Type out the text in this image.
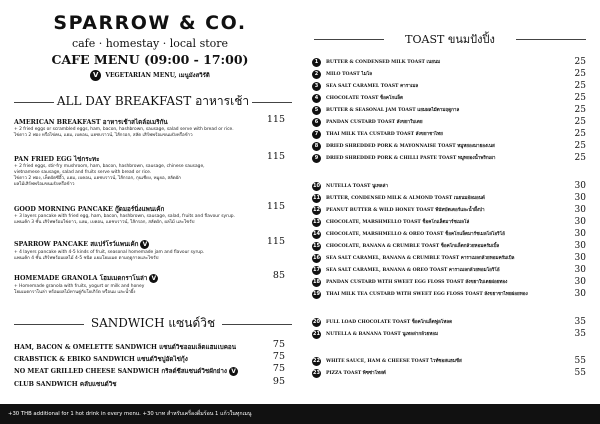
SPARROW & CO.
cafe · homestay · local store
CAFE MENU (09:00 - 17:00)
V VEGETARIAN MENU, เมนูมังสวิรัติ
ALL DAY BREAKFAST อาหารเช้า
AMERICAN BREAKFAST อาหารเช้าสไตล์อเมริกัน	115
+ 2 fried eggs or scrambled eggs, ham, bacon, hashbrown, sausage, salad serve with bread or rice.
ไข่ดาว 2 ฟอง หรือไข่คน, แฮม, เบคอน, แฮชบราวน์, ไส้กรอก, สลัด เสิร์ฟพร้อมขนมปังหรือข้าว
PAN FRIED EGG ไข่กระทะ	115
+ 2 fried eggs, stir-fry mushroom, ham, bacon, hashbrown, sausage, chinese sausage,
vietnamese sausage, salad and fruits serve with bread or rice.
ไข่ดาว 2 ฟอง, เห็ดผัดซีอิ๊ว, แฮม, เบคอน, แฮชบราวน์, ไส้กรอก, กุนเชียง, หมูยอ, สลัดผัก
ผลไม้เสิร์ฟพร้อมขนมปังหรือข้าว
GOOD MORNING PANCAKE กู๊ดมอร์นิ่งแพนเค้ก	115
+ 3 layers pancake with fried egg, ham, bacon, hashbrown, sausage, salad, fruits and flavour syrup.
แพนเค้ก 3 ชั้น เสิร์ฟพร้อมไข่ดาว, แฮม, เบคอน, แฮชบราวน์, ไส้กรอก, สลัดผัก, ผลไม้ และไซรัป
SPARROW PANCAKE สแปร์โรว์แพนเค้ก V	115
+ 4 layers pancake with 4-5 kinds of fruit, seasonal homemade jam and flavour syrup.
แพนเค้ก 4 ชั้น เสิร์ฟพร้อมผลไม้ 4-5 ชนิด แยมโฮมเมด ตามฤดูกาลและไซรัป
HOMEMADE GRANOLA โฮมเมดกราโนล่า V	85
+ Homemade granola with fruits, yogurt or milk and honey
โฮมเมดกราโนล่า พร้อมผลไม้ทานคู่กับโยเกิร์ต หรือนม และน้ำผึ้ง
SANDWICH แซนด์วิช
HAM, BACON & OMELETTE SANDWICH แซนด์วิชออมเล็ตแฮมเบคอน	75
CRABSTICK & EBIKO SANDWICH แซนด์วิชปูอัดไข่กุ้ง	75
NO MEAT GRILLED CHEESE SANDWICH กริลด์ชีสแซนด์วิชผักย่าง V	75
CLUB SANDWICH คลับแซนด์วิช	95
TOAST ขนมปังปิ้ง
1	BUTTER & CONDENSED MILK TOAST เนยนม	25
2	MILO TOAST ไมโล	25
3	SEA SALT CARAMEL TOAST คาราเมล	25
4	CHOCOLATE TOAST ช็อคโกแล็ต	25
5	BUTTER & SEASONAL JAM TOAST แยมผลไม้ตามฤดูกาล	25
6	PANDAN CUSTARD TOAST สังขยาใบเตย	25
7	THAI MILK TEA CUSTARD TOAST สังขยาชาไทย	25
8	DRIED SHREDDED PORK & MAYONNAISE TOAST หมูหยองมายองเนส	25
9	DRIED SHREDDED PORK & CHILLI PASTE TOAST หมูหยองน้ำพริกเผา	25
10 NUTELLA TOAST นูเทลล่า	30
11 BUTTER, CONDENSED MILK & ALMOND TOAST เนยนมอัลมอนด์	30
12 PEANUT BUTTER & WILD HONEY TOAST พีนัทบัตเตอร์และน้ำผึ้งป่า	30
13 CHOCOLATE, MARSHMELLO TOAST ช็อคโกแล็ตมาร์ชเมลโล่	30
14 CHOCOLATE, MARSHMELLO & OREO TOAST ช็อคโกแล็ตมาร์ชเมลโล่โอริโอ้	30
15 CHOCOLATE, BANANA & CRUMBLE TOAST ช็อคโกแล็ตกล้วยหอมครัมเบิ้ล	30
16 SEA SALT CARAMEL, BANANA & CRUMBLE TOAST คาราเมลกล้วยหอมครัมเบิล	30
17 SEA SALT CARAMEL, BANANA & OREO TOAST คาราเมลกล้วยหอมโอริโอ้	30
18 PANDAN CUSTARD WITH SWEET EGG FLOSS TOAST สังขยาใบเตยฝอยทอง	30
19 THAI MILK TEA CUSTARD WITH SWEET EGG FLOSS TOAST สังขยาชาไทยฝอยทอง	30
20 FULL LOAD CHOCOLATE TOAST ช็อคโกแล็ตฟูลโหลด	35
21 NUTELLA & BANANA TOAST นูเทลล่ากล้วยหอม	35
22 WHITE SAUCE, HAM & CHEESE TOAST ไวท์ซอสแฮมชีส	55
23 PIZZA TOAST พิซซ่าโทสต์	55
+30 THB additional for 1 hot drink in every menu. +30 บาท สำหรับเครื่องดื่มร้อน 1 แก้วในทุกเมนู
